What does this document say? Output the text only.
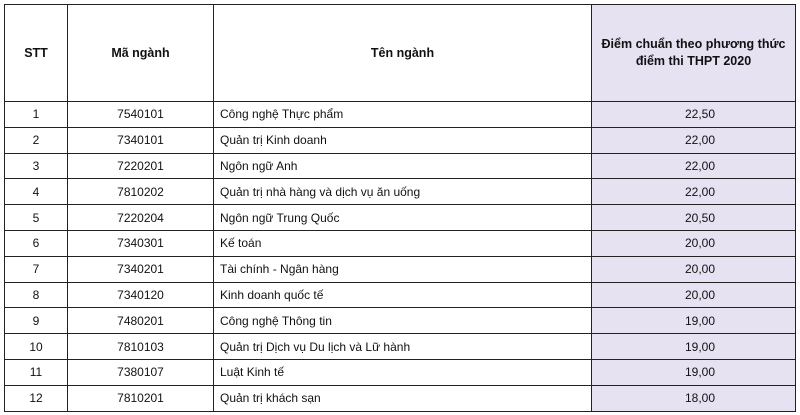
STT	Mã ngành	Tên ngành	Điểm chuẩn theo phương thức điểm thi THPT 2020
1	7540101	Công nghệ Thực phẩm	22,50
2	7340101	Quản trị Kinh doanh	22,00
3	7220201	Ngôn ngữ Anh	22,00
4	7810202	Quản trị nhà hàng và dịch vụ ăn uống	22,00
5	7220204	Ngôn ngữ Trung Quốc	20,50
6	7340301	Kế toán	20,00
7	7340201	Tài chính - Ngân hàng	20,00
8	7340120	Kinh doanh quốc tế	20,00
9	7480201	Công nghệ Thông tin	19,00
10	7810103	Quản trị Dịch vụ Du lịch và Lữ hành	19,00
11	7380107	Luật Kinh tế	19,00
12	7810201	Quản trị khách sạn	18,00
